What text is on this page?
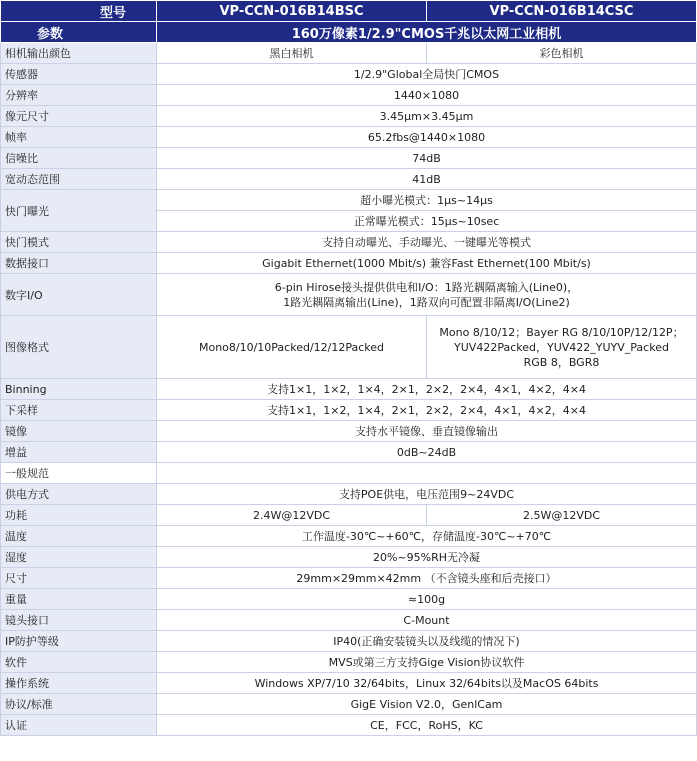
型号	VP-CCN-016B14BSC	VP-CCN-016B14CSC
参数	160万像素1/2.9"CMOS千兆以太网工业相机	
相机输出颜色	黑白相机	彩色相机
传感器	1/2.9"Global全局快门CMOS	
分辨率	1440×1080	
像元尺寸	3.45μm×3.45μm	
帧率	65.2fbs@1440×1080	
信噪比	74dB	
宽动态范围	41dB	
快门曝光	超小曝光模式：1μs~14μs	
	正常曝光模式：15μs~10sec	
快门模式	支持自动曝光、手动曝光、一键曝光等模式	
数据接口	Gigabit Ethernet(1000 Mbit/s) 兼容Fast Ethernet(100 Mbit/s)	
数字I/O	6-pin Hirose接头提供供电和I/O：1路光耦隔离输入(Line0)，
1路光耦隔离输出(Line)，1路双向可配置非隔离I/O(Line2)	

图像格式	Mono8/10/10Packed/12/12Packed	Mono 8/10/12；Bayer RG 8/10/10P/12/12P；
YUV422Packed，YUV422_YUYV_Packed
RGB 8，BGR8

Binning	支持1×1，1×2，1×4，2×1，2×2，2×4，4×1，4×2，4×4	
下采样	支持1×1，1×2，1×4，2×1，2×2，2×4，4×1，4×2，4×4	
镜像	支持水平镜像、垂直镜像输出	
增益	0dB~24dB	
一般规范		
供电方式	支持POE供电，电压范围9~24VDC	
功耗	2.4W@12VDC	2.5W@12VDC
温度	工作温度-30℃~+60℃，存储温度-30℃~+70℃	
湿度	20%~95%RH无冷凝	
尺寸	29mm×29mm×42mm （不含镜头座和后壳接口）	
重量	≈100g	
镜头接口	C-Mount	
IP防护等级	IP40(正确安装镜头以及线缆的情况下)	
软件	MVS或第三方支持Gige Vision协议软件	
操作系统	Windows XP/7/10 32/64bits，Linux 32/64bits以及MacOS 64bits	
协议/标准	GigE Vision V2.0，GenlCam	
认证	CE，FCC，RoHS，KC	
